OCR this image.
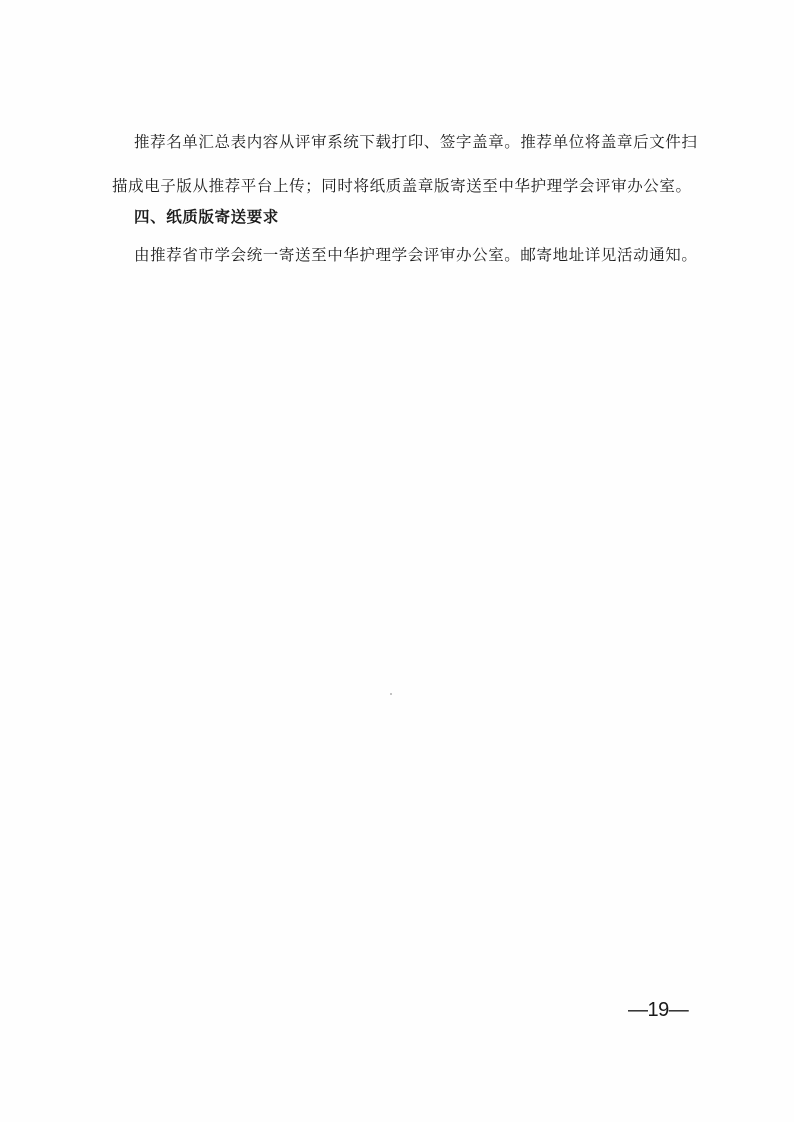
推荐名单汇总表内容从评审系统下载打印、签字盖章。推荐单位将盖章后文件扫

描成电子版从推荐平台上传；同时将纸质盖章版寄送至中华护理学会评审办公室。

四、纸质版寄送要求

由推荐省市学会统一寄送至中华护理学会评审办公室。邮寄地址详见活动通知。

—19—
